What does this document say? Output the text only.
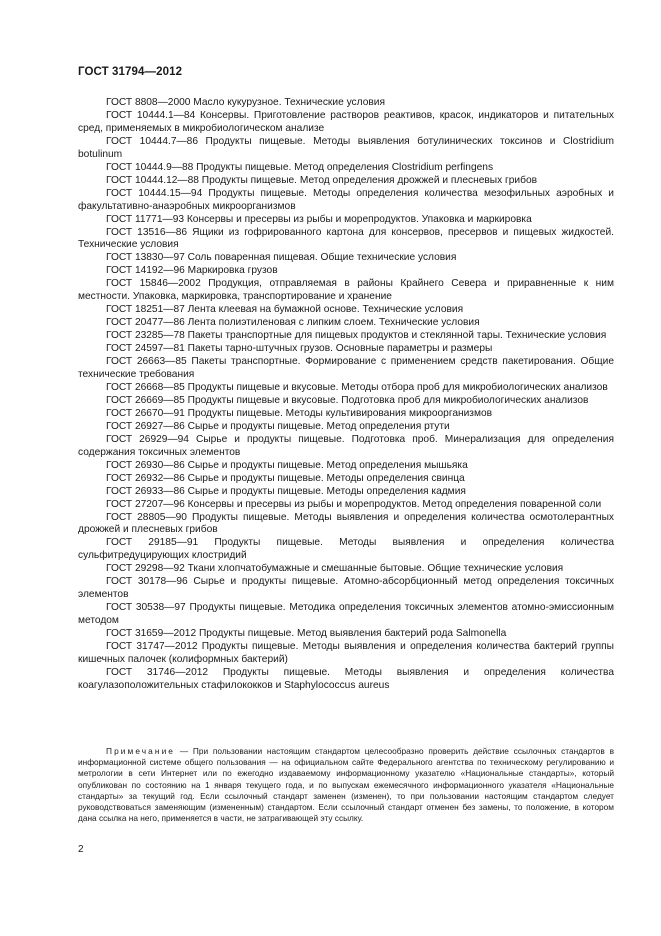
ГОСТ 31794—2012

ГОСТ 8808—2000 Масло кукурузное. Технические условия

ГОСТ 10444.1—84 Консервы. Приготовление растворов реактивов, красок, индикаторов и питательных сред, применяемых в микробиологическом анализе

ГОСТ 10444.7—86 Продукты пищевые. Методы выявления ботулинических токсинов и Clostridium botulinum

ГОСТ 10444.9—88 Продукты пищевые. Метод определения Clostridium perfingens

ГОСТ 10444.12—88 Продукты пищевые. Метод определения дрожжей и плесневых грибов

ГОСТ 10444.15—94 Продукты пищевые. Методы определения количества мезофильных аэробных и факультативно-анаэробных микроорганизмов

ГОСТ 11771—93 Консервы и пресервы из рыбы и морепродуктов. Упаковка и маркировка

ГОСТ 13516—86 Ящики из гофрированного картона для консервов, пресервов и пищевых жидкостей. Технические условия

ГОСТ 13830—97 Соль поваренная пищевая. Общие технические условия

ГОСТ 14192—96 Маркировка грузов

ГОСТ 15846—2002 Продукция, отправляемая в районы Крайнего Севера и приравненные к ним местности. Упаковка, маркировка, транспортирование и хранение

ГОСТ 18251—87 Лента клеевая на бумажной основе. Технические условия

ГОСТ 20477—86 Лента полиэтиленовая с липким слоем. Технические условия

ГОСТ 23285—78 Пакеты транспортные для пищевых продуктов и стеклянной тары. Технические условия

ГОСТ 24597—81 Пакеты тарно-штучных грузов. Основные параметры и размеры

ГОСТ 26663—85 Пакеты транспортные. Формирование с применением средств пакетирования. Общие технические требования

ГОСТ 26668—85 Продукты пищевые и вкусовые. Методы отбора проб для микробиологических анализов

ГОСТ 26669—85 Продукты пищевые и вкусовые. Подготовка проб для микробиологических анализов

ГОСТ 26670—91 Продукты пищевые. Методы культивирования микроорганизмов

ГОСТ 26927—86 Сырье и продукты пищевые. Метод определения ртути

ГОСТ 26929—94 Сырье и продукты пищевые. Подготовка проб. Минерализация для определения содержания токсичных элементов

ГОСТ 26930—86 Сырье и продукты пищевые. Метод определения мышьяка

ГОСТ 26932—86 Сырье и продукты пищевые. Методы определения свинца

ГОСТ 26933—86 Сырье и продукты пищевые. Методы определения кадмия

ГОСТ 27207—96 Консервы и пресервы из рыбы и морепродуктов. Метод определения поваренной соли

ГОСТ 28805—90 Продукты пищевые. Методы выявления и определения количества осмотолерантных дрожжей и плесневых грибов

ГОСТ 29185—91 Продукты пищевые. Методы выявления и определения количества сульфитредуцирующих клостридий

ГОСТ 29298—92 Ткани хлопчатобумажные и смешанные бытовые. Общие технические условия

ГОСТ 30178—96 Сырье и продукты пищевые. Атомно-абсорбционный метод определения токсичных элементов

ГОСТ 30538—97 Продукты пищевые. Методика определения токсичных элементов атомно-эмиссионным методом

ГОСТ 31659—2012 Продукты пищевые. Метод выявления бактерий рода Salmonella

ГОСТ 31747—2012 Продукты пищевые. Методы выявления и определения количества бактерий группы кишечных палочек (колиформных бактерий)

ГОСТ 31746—2012 Продукты пищевые. Методы выявления и определения количества коагулазоположительных стафилококков и Staphylococcus aureus

Примечание — При пользовании настоящим стандартом целесообразно проверить действие ссылочных стандартов в информационной системе общего пользования — на официальном сайте Федерального агентства по техническому регулированию и метрологии в сети Интернет или по ежегодно издаваемому информационному указателю «Национальные стандарты», который опубликован по состоянию на 1 января текущего года, и по выпускам ежемесячного информационного указателя «Национальные стандарты» за текущий год. Если ссылочный стандарт заменен (изменен), то при пользовании настоящим стандартом следует руководствоваться заменяющим (измененным) стандартом. Если ссылочный стандарт отменен без замены, то положение, в котором дана ссылка на него, применяется в части, не затрагивающей эту ссылку.

2
